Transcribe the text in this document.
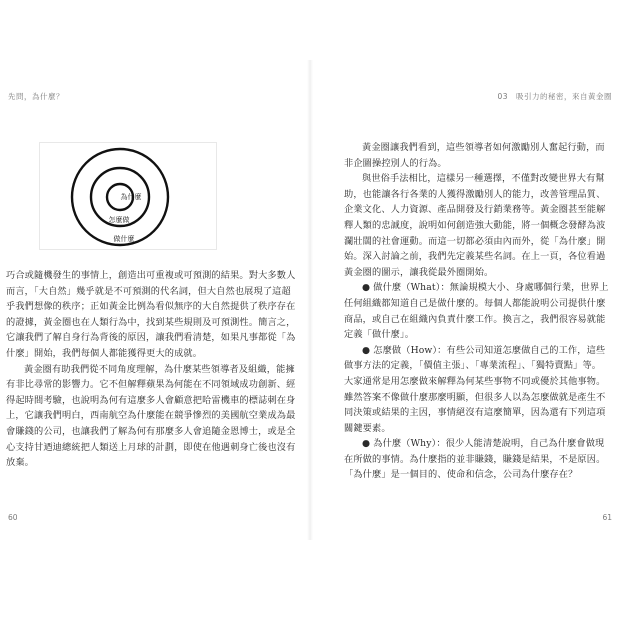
先問，為什麼？
為什麼
怎麼做
做什麼

巧合或隨機發生的事情上，創造出可重複或可預測的結果。對大多數人而言，「大自然」幾乎就是不可預測的代名詞，但大自然也展現了這超乎我們想像的秩序；正如黃金比例為看似無序的大自然提供了秩序存在的證據，黃金圈也在人類行為中，找到某些規則及可預測性。簡言之，它讓我們了解自身行為背後的原因，讓我們看清楚，如果凡事都從「為什麼」開始，我們每個人都能獲得更大的成就。

黃金圈有助我們從不同角度理解，為什麼某些領導者及組織，能擁有非比尋常的影響力。它不但解釋蘋果為何能在不同領域成功創新、經得起時間考驗，也說明為何有這麼多人會顧意把哈雷機車的標誌刺在身上，它讓我們明白，西南航空為什麼能在競爭慘烈的美國航空業成為最會賺錢的公司，也讓我們了解為何有那麼多人會追隨金恩博士，或是全心支持甘迺迪總統把人類送上月球的計劃，即使在他遇刺身亡後也沒有放棄。

60
03　吸引力的秘密，來自黃金圈
61

黃金圈讓我們看到，這些領導者如何激勵別人奮起行動，而非企圖操控別人的行為。

與世俗手法相比，這樣另一種選擇，不僅對改變世界大有幫助，也能讓各行各業的人獲得激勵別人的能力，改善管理品質、企業文化、人力資源、產品開發及行銷業務等。黃金圈甚至能解釋人類的忠誠度，說明如何創造強大動能，將一個概念發酵為波瀾壯闊的社會運動。而這一切都必須由內而外，從「為什麼」開始。深入討論之前，我們先定義某些名詞。在上一頁，各位看過黃金圈的圖示，讓我從最外圈開始。

● 做什麼（What）：無論規模大小、身處哪個行業，世界上任何組織都知道自己是做什麼的。每個人都能說明公司提供什麼商品，或自己在組織內負責什麼工作。換言之，我們很容易就能定義「做什麼」。

● 怎麼做（How）：有些公司知道怎麼做自己的工作，這些做事方法的定義，「價值主張」、「專業流程」、「獨特賣點」等。大家通常是用怎麼做來解釋為何某些事物不同或優於其他事物。雖然答案不像做什麼那麼明顯，但很多人以為怎麼做就是產生不同決策或結果的主因，事情絕沒有這麼簡單，因為還有下列這項關鍵要素。

● 為什麼（Why）：很少人能清楚說明，自己為什麼會做現在所做的事情。為什麼指的並非賺錢，賺錢是結果，不是原因。「為什麼」是一個目的、使命和信念，公司為什麼存在？
